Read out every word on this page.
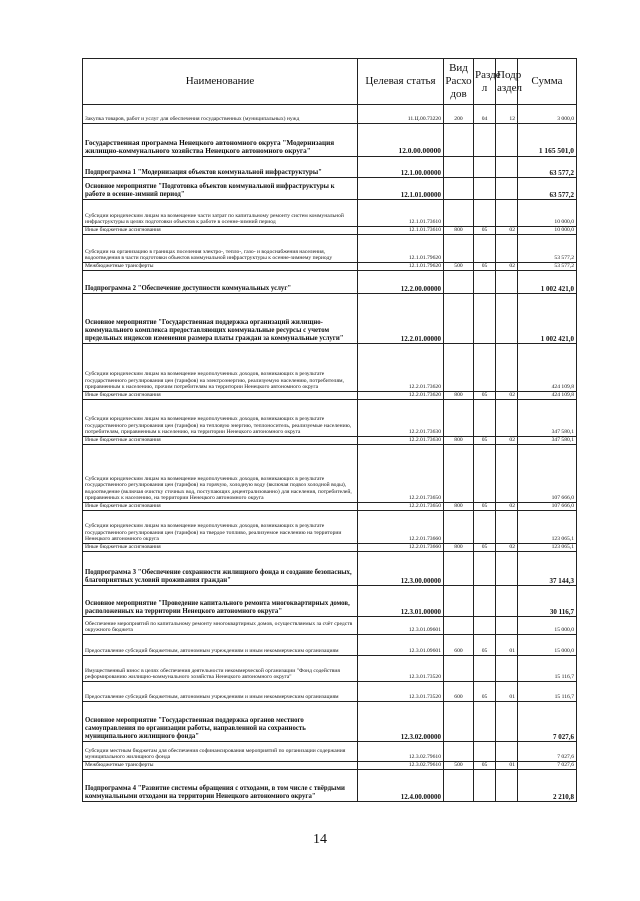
Наименование	Целевая статья	Вид Расхо дов	Разде л	Подр аздел	Сумма
Закупка товаров, работ и услуг для обеспечения государственных (муниципальных) нужд	11.Ц.00.73220	200	04	12	3 000,0
Государственная программа Ненецкого автономного округа "Модернизация жилищно-коммунального хозяйства Ненецкого автономного округа"	12.0.00.00000				1 165 501,0
Подпрограмма 1 "Модернизация объектов коммунальной инфраструктуры"	12.1.00.00000				63 577,2
Основное мероприятие "Подготовка объектов коммунальной инфраструктуры к работе в осенне-зимний период"	12.1.01.00000				63 577,2
Субсидии юридическим лицам на возмещение части затрат по капитальному ремонту систем коммунальной инфраструктуры в целях подготовки объектов к работе в осенне-зимний период	12.1.01.73610				10 000,0
Иные бюджетные ассигнования	12.1.01.73610	800	05	02	10 000,0
Субсидии на организацию в границах поселения электро-, тепло-, газо- и водоснабжения населения, водоотведения в части подготовки объектов коммунальной инфраструктуры к осенне-зимнему периоду	12.1.01.79620				53 577,2
Межбюджетные трансферты	12.1.01.79620	500	05	02	53 577,2
Подпрограмма 2 "Обеспечение доступности коммунальных услуг"	12.2.00.00000				1 002 421,0
Основное мероприятие "Государственная поддержка организаций жилищно-коммунального комплекса предоставляющих коммунальные ресурсы с учетом предельных индексов изменения размера платы граждан за коммунальные услуги"	12.2.01.00000				1 002 421,0
Субсидии юридическим лицам на возмещение недополученных доходов, возникающих в результате государственного регулирования цен (тарифов) на электроэнергию, реализуемую населению, потребителям, приравненным к населению, прочим потребителям на территории Ненецкого автономного округа	12.2.01.73620				424 109,8
Иные бюджетные ассигнования	12.2.01.73620	800	05	02	424 109,8
Субсидии юридическим лицам на возмещение недополученных доходов, возникающих в результате государственного регулирования цен (тарифов) на тепловую энергию, теплоноситель, реализуемые населению, потребителям, приравненным к населению, на территории Ненецкого автономного округа	12.2.01.73630				347 580,1
Иные бюджетные ассигнования	12.2.01.73630	800	05	02	347 580,1
Субсидии юридическим лицам на возмещение недополученных доходов, возникающих в результате государственного регулирования цен (тарифов) на горячую, холодную воду (включая подвоз холодной воды), водоотведение (включая очистку сточных вод, поступающих децентрализованно) для населения, потребителей, приравненных к населению, на территории Ненецкого автономного округа	12.2.01.73650				107 666,0
Иные бюджетные ассигнования	12.2.01.73650	800	05	02	107 666,0
Субсидии юридическим лицам на возмещение недополученных доходов, возникающих в результате государственного регулирования цен (тарифов) на твердое топливо, реализуемое населению на территории Ненецкого автономного округа	12.2.01.73660				123 065,1
Иные бюджетные ассигнования	12.2.01.73660	800	05	02	123 065,1
Подпрограмма 3 "Обеспечение сохранности жилищного фонда и создание безопасных, благоприятных условий проживания граждан"	12.3.00.00000				37 144,3
Основное мероприятие "Проведение капитального ремонта многоквартирных домов, расположенных на территории Ненецкого автономного округа"	12.3.01.00000				30 116,7
Обеспечение мероприятий по капитальному ремонту многоквартирных домов, осуществляемых за счёт средств окружного бюджета	12.3.01.09601				15 000,0
Предоставление субсидий бюджетным, автономным учреждениям и иным некоммерческим организациям	12.3.01.09601	600	05	01	15 000,0
Имущественный взнос в целях обеспечения деятельности некоммерческой организации "Фонд содействия реформированию жилищно-коммунального хозяйства Ненецкого автономного округа"	12.3.01.73520				15 116,7
Предоставление субсидий бюджетным, автономным учреждениям и иным некоммерческим организациям	12.3.01.73520	600	05	01	15 116,7
Основное мероприятие "Государственная поддержка органов местного самоуправления по организации работы, направленной на сохранность муниципального жилищного фонда"	12.3.02.00000				7 027,6
Субсидии местным бюджетам для обеспечения софинансирования мероприятий по организации содержания муниципального жилищного фонда	12.3.02.79610				7 027,6
Межбюджетные трансферты	12.3.02.79610	500	05	01	7 027,6
Подпрограмма 4 "Развитие системы обращения с отходами, в том числе с твёрдыми коммунальными отходами на территории Ненецкого автономного округа"	12.4.00.00000				2 210,8
14
